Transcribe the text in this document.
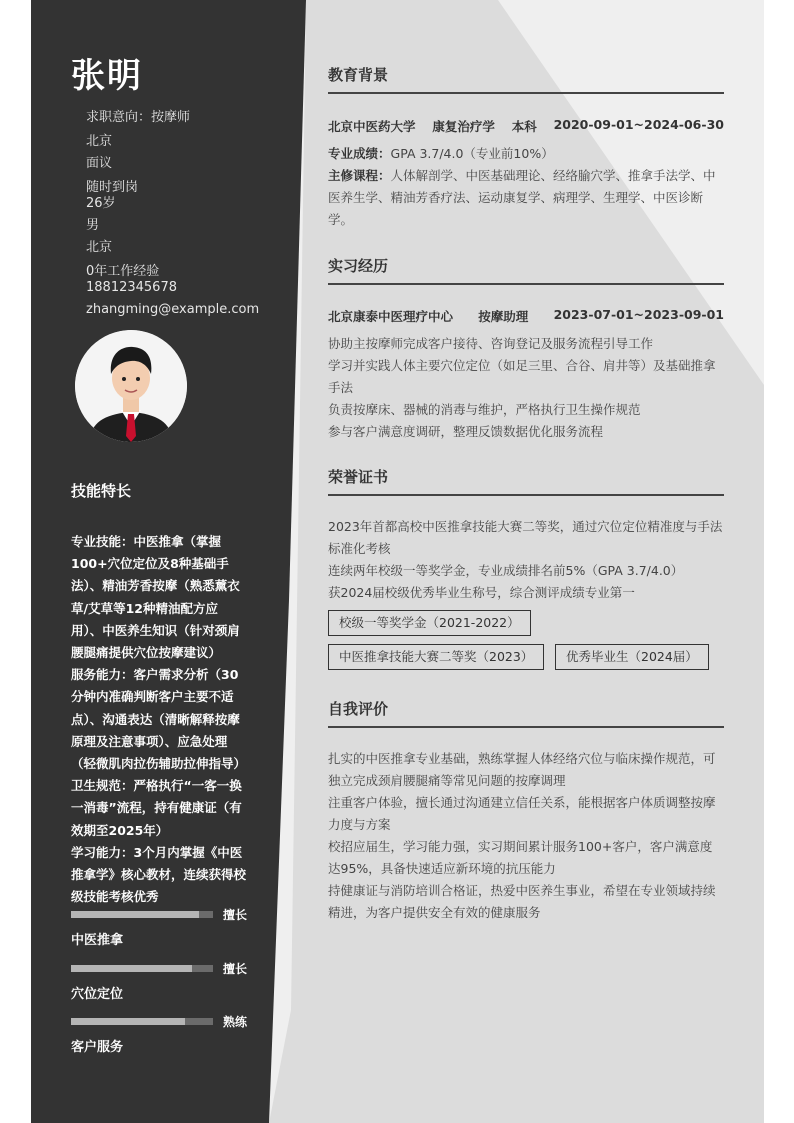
张明
求职意向：按摩师
北京
面议
随时到岗
26岁
男
北京
0年工作经验
18812345678
zhangming@example.com
技能特长
专业技能：中医推拿（掌握100+穴位定位及8种基础手法）、精油芳香按摩（熟悉薰衣草/艾草等12种精油配方应用）、中医养生知识（针对颈肩腰腿痛提供穴位按摩建议）
服务能力：客户需求分析（30分钟内准确判断客户主要不适点）、沟通表达（清晰解释按摩原理及注意事项）、应急处理（轻微肌肉拉伤辅助拉伸指导）
卫生规范：严格执行“一客一换一消毒”流程，持有健康证（有效期至2025年）
学习能力：3个月内掌握《中医推拿学》核心教材，连续获得校级技能考核优秀
擅长
中医推拿
擅长
穴位定位
熟练
客户服务
教育背景
北京中医药大学 康复治疗学 本科 2020-09-01~2024-06-30
专业成绩：GPA 3.7/4.0（专业前10%）
主修课程：人体解剖学、中医基础理论、经络腧穴学、推拿手法学、中医养生学、精油芳香疗法、运动康复学、病理学、生理学、中医诊断学。
实习经历
北京康泰中医理疗中心 按摩助理 2023-07-01~2023-09-01
协助主按摩师完成客户接待、咨询登记及服务流程引导工作
学习并实践人体主要穴位定位（如足三里、合谷、肩井等）及基础推拿手法
负责按摩床、器械的消毒与维护，严格执行卫生操作规范
参与客户满意度调研，整理反馈数据优化服务流程
荣誉证书
2023年首都高校中医推拿技能大赛二等奖，通过穴位定位精准度与手法标准化考核
连续两年校级一等奖学金，专业成绩排名前5%（GPA 3.7/4.0）
获2024届校级优秀毕业生称号，综合测评成绩专业第一
校级一等奖学金（2021-2022）
中医推拿技能大赛二等奖（2023）	优秀毕业生（2024届）
自我评价
扎实的中医推拿专业基础，熟练掌握人体经络穴位与临床操作规范，可独立完成颈肩腰腿痛等常见问题的按摩调理
注重客户体验，擅长通过沟通建立信任关系，能根据客户体质调整按摩力度与方案
校招应届生，学习能力强，实习期间累计服务100+客户，客户满意度达95%，具备快速适应新环境的抗压能力
持健康证与消防培训合格证，热爱中医养生事业，希望在专业领域持续精进，为客户提供安全有效的健康服务
